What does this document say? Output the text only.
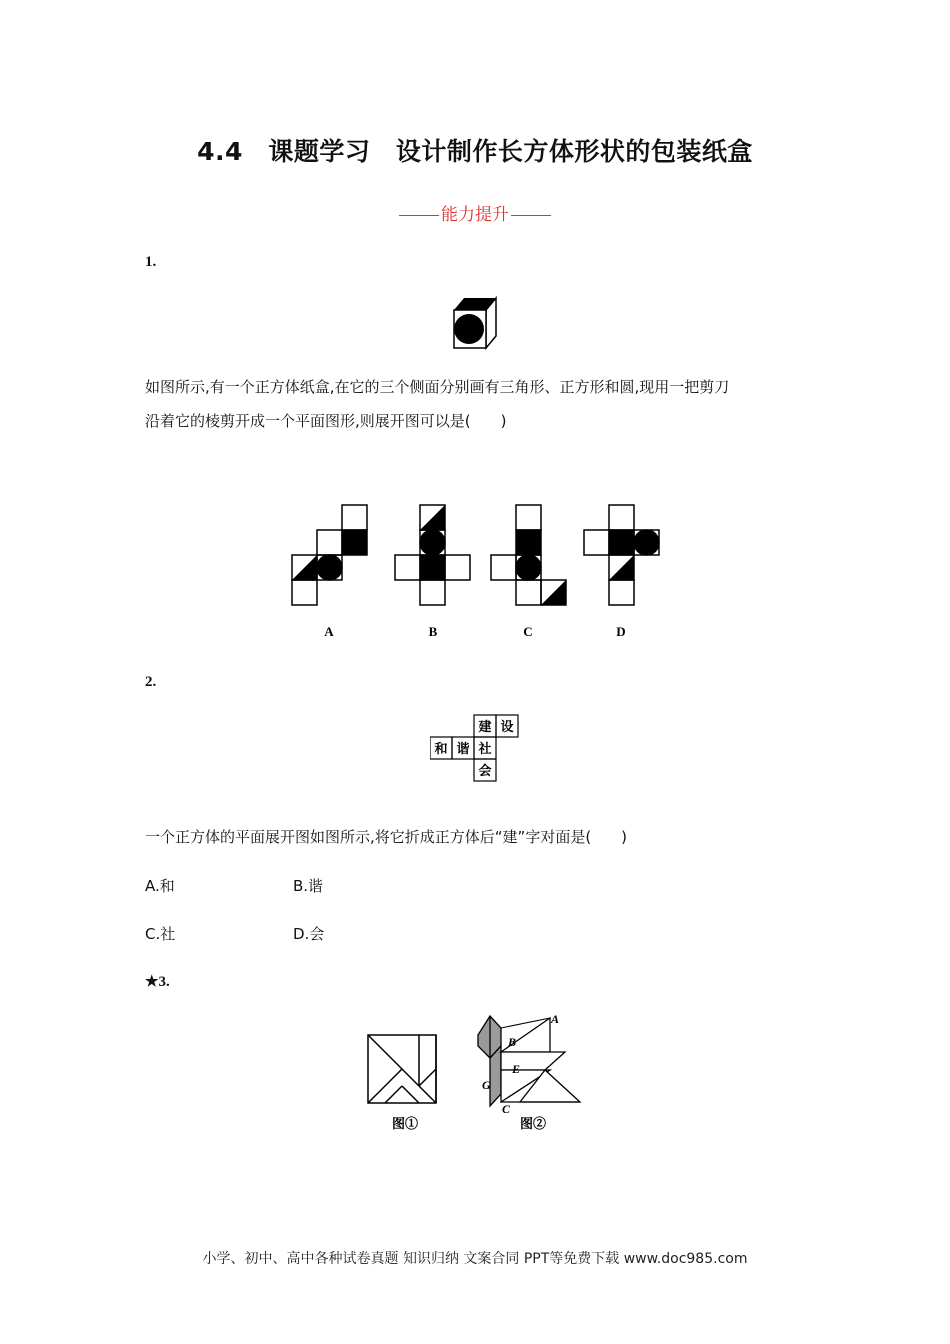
4.4　课题学习　设计制作长方体形状的包装纸盒
能力提升
1.
如图所示,有一个正方体纸盒,在它的三个侧面分别画有三角形、正方形和圆,现用一把剪刀
沿着它的棱剪开成一个平面图形,则展开图可以是(　　)
A	B	C	D
2.
建 设
和 谐 社
会
一个正方体的平面展开图如图所示,将它折成正方体后“建”字对面是(　　)
A.和	B.谐
C.社	D.会
★3.
A
B
E
G
C
图①	图②
小学、初中、高中各种试卷真题 知识归纳 文案合同 PPT等免费下载 www.doc985.com
